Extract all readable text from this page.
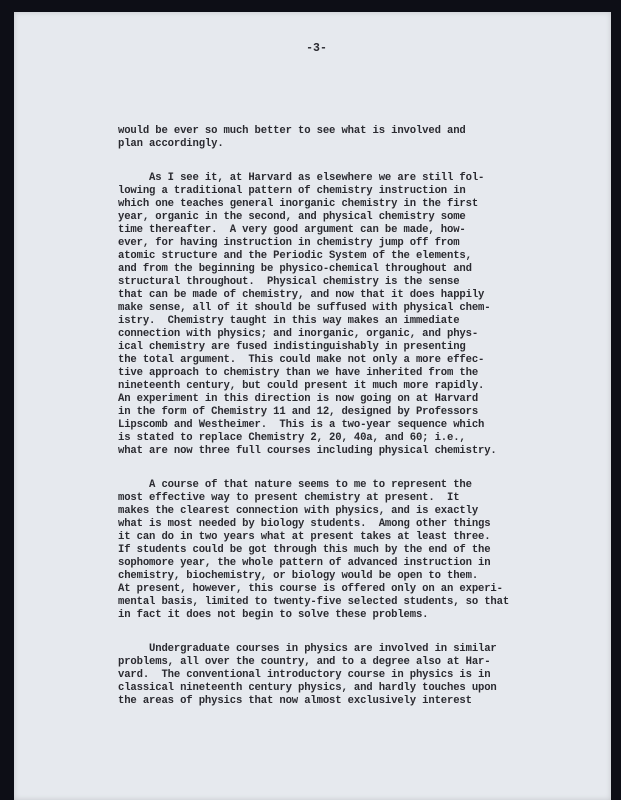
-3-
would be ever so much better to see what is involved and
plan accordingly.
As I see it, at Harvard as elsewhere we are still fol-
lowing a traditional pattern of chemistry instruction in
which one teaches general inorganic chemistry in the first
year, organic in the second, and physical chemistry some
time thereafter.  A very good argument can be made, how-
ever, for having instruction in chemistry jump off from
atomic structure and the Periodic System of the elements,
and from the beginning be physico-chemical throughout and
structural throughout.  Physical chemistry is the sense
that can be made of chemistry, and now that it does happily
make sense, all of it should be suffused with physical chem-
istry.  Chemistry taught in this way makes an immediate
connection with physics; and inorganic, organic, and phys-
ical chemistry are fused indistinguishably in presenting
the total argument.  This could make not only a more effec-
tive approach to chemistry than we have inherited from the
nineteenth century, but could present it much more rapidly.
An experiment in this direction is now going on at Harvard
in the form of Chemistry 11 and 12, designed by Professors
Lipscomb and Westheimer.  This is a two-year sequence which
is stated to replace Chemistry 2, 20, 40a, and 60; i.e.,
what are now three full courses including physical chemistry.
A course of that nature seems to me to represent the
most effective way to present chemistry at present.  It
makes the clearest connection with physics, and is exactly
what is most needed by biology students.  Among other things
it can do in two years what at present takes at least three.
If students could be got through this much by the end of the
sophomore year, the whole pattern of advanced instruction in
chemistry, biochemistry, or biology would be open to them.
At present, however, this course is offered only on an experi-
mental basis, limited to twenty-five selected students, so that
in fact it does not begin to solve these problems.
Undergraduate courses in physics are involved in similar
problems, all over the country, and to a degree also at Har-
vard.  The conventional introductory course in physics is in
classical nineteenth century physics, and hardly touches upon
the areas of physics that now almost exclusively interest
